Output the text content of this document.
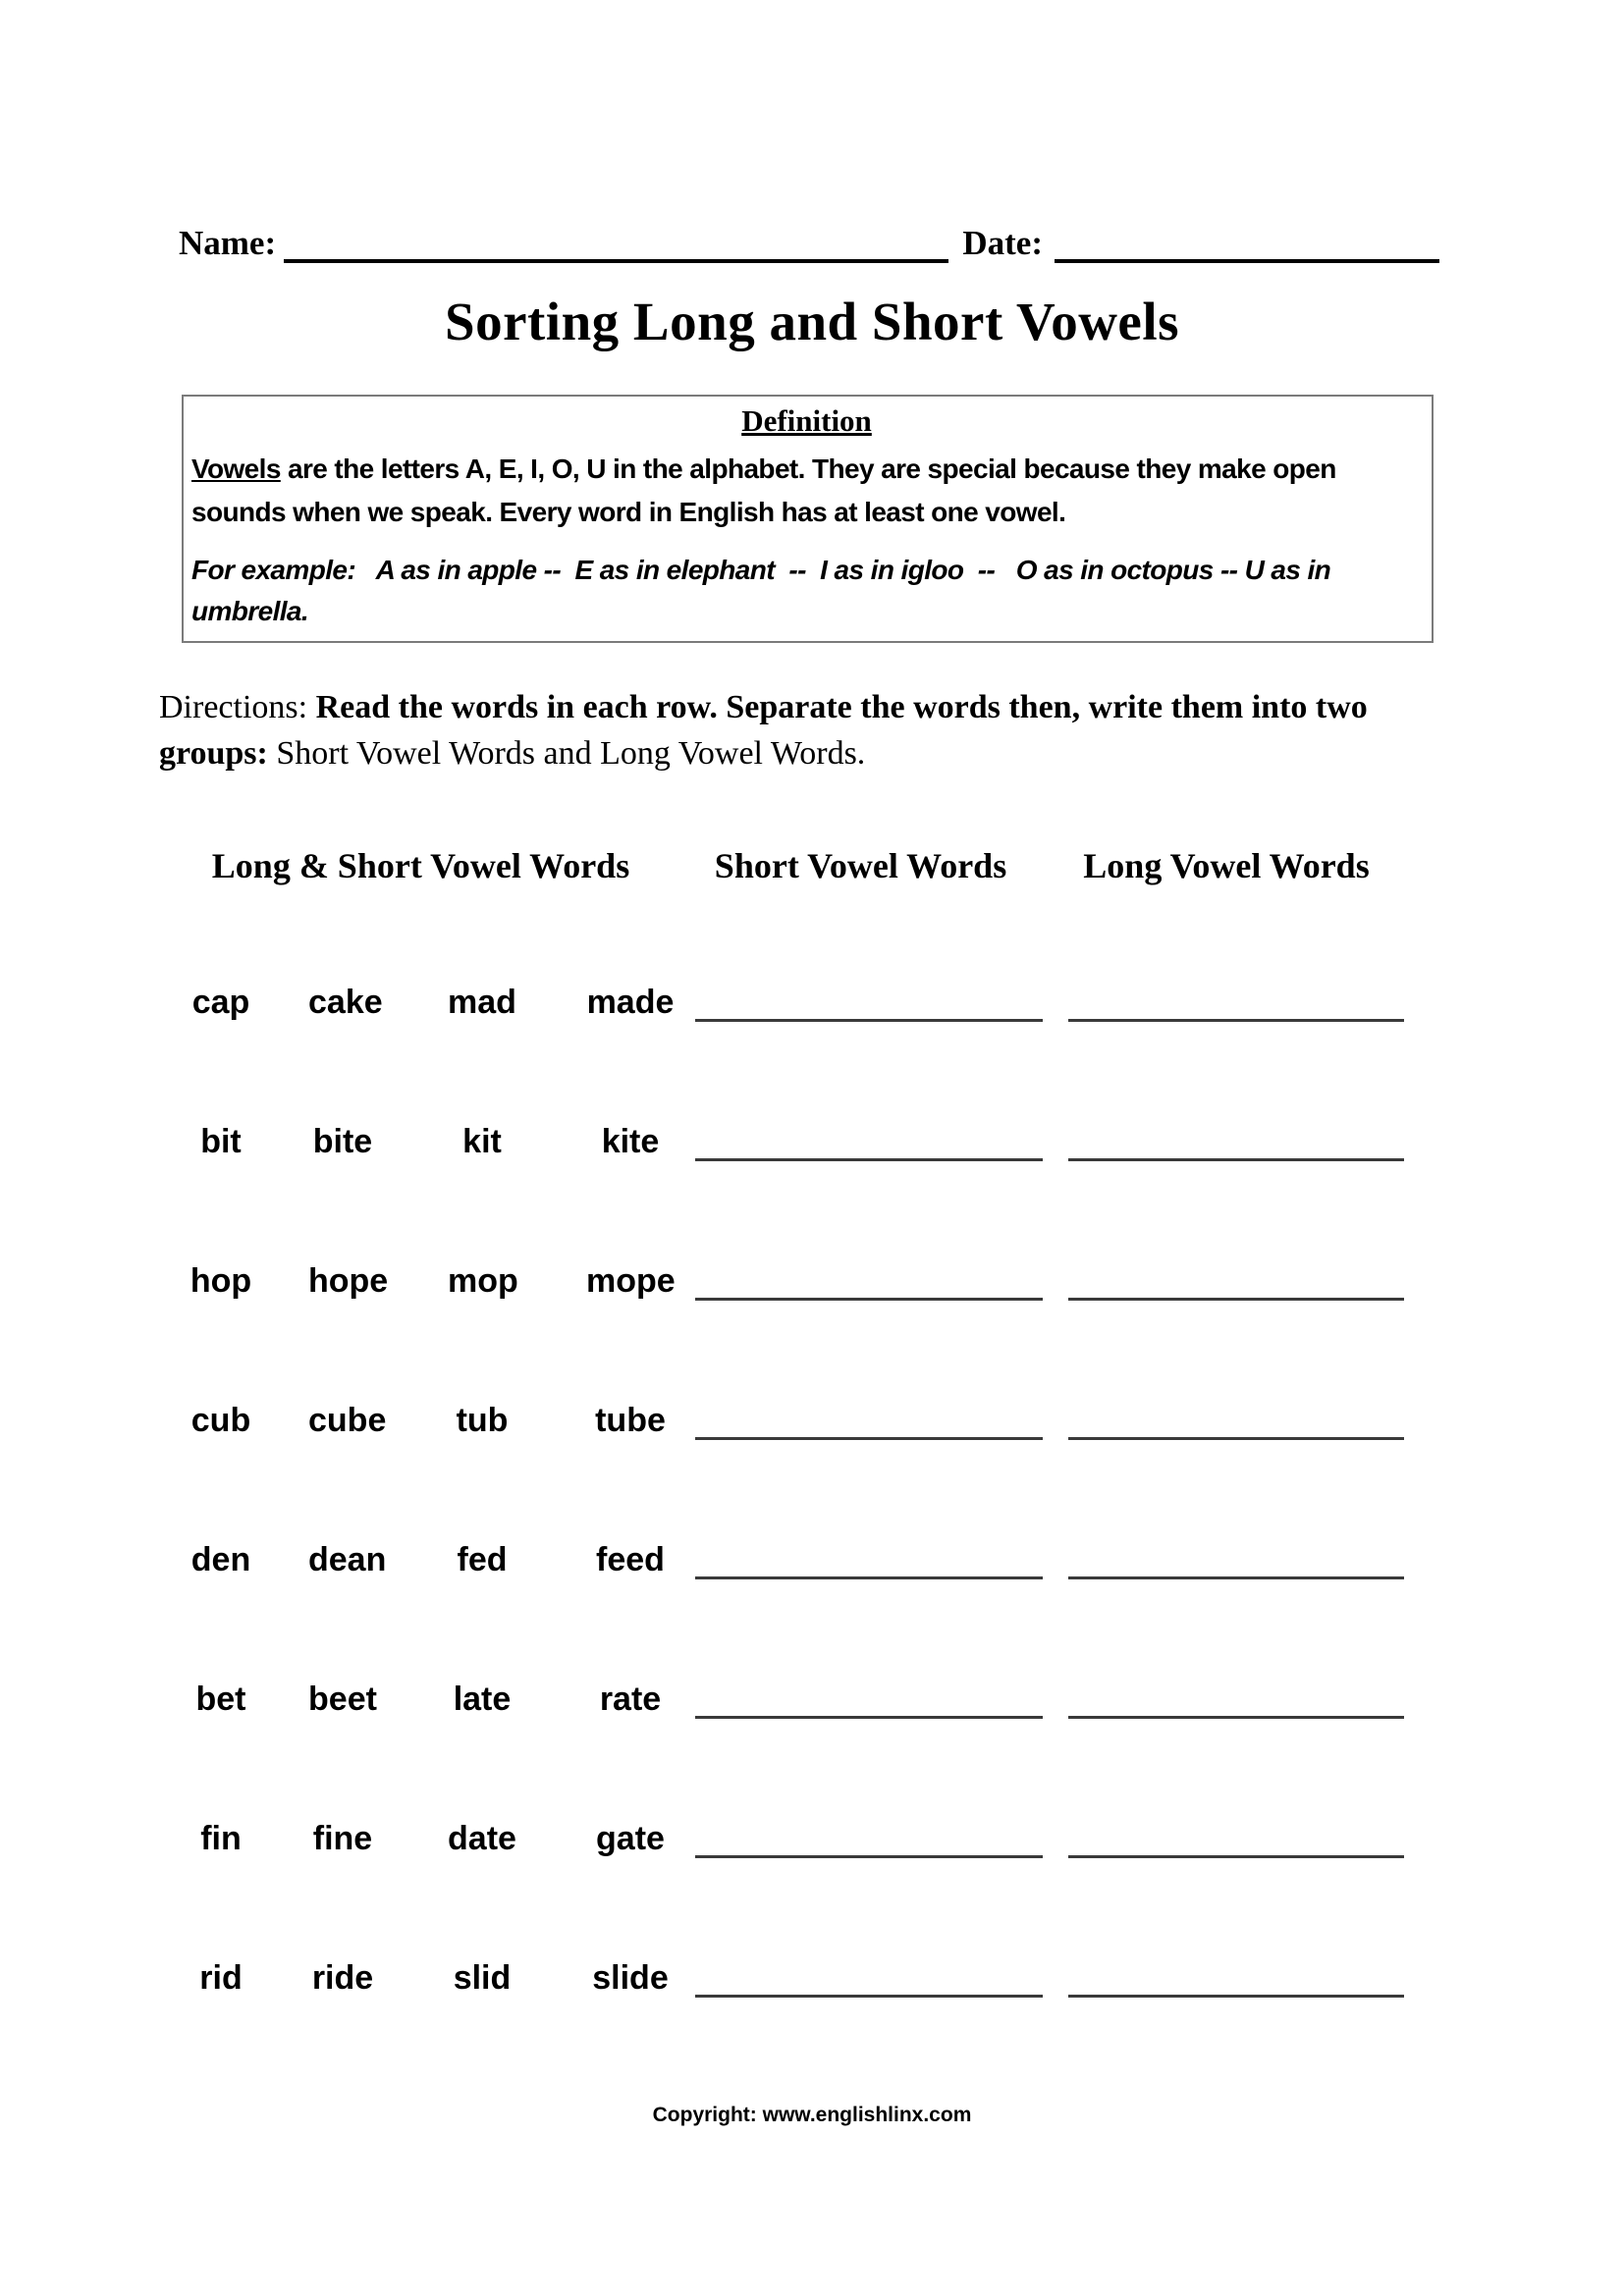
Name:	Date:
Sorting Long and Short Vowels
Definition
Vowels are the letters A, E, I, O, U in the alphabet. They are special because they make open sounds when we speak. Every word in English has at least one vowel.
For example:   A as in apple --  E as in elephant  --  I as in igloo  --   O as in octopus -- U as in umbrella.
Directions: Read the words in each row. Separate the words then, write them into two groups: Short Vowel Words and Long Vowel Words.
Long & Short Vowel Words	Short Vowel Words	Long Vowel Words
cap cake mad made
bit	bite	kit	kite
hop hope mop mope
cub cube tub	tube
den dean fed	feed
bet beet late	rate
fin	fine date gate
rid	ride slid slide
Copyright: www.englishlinx.com
